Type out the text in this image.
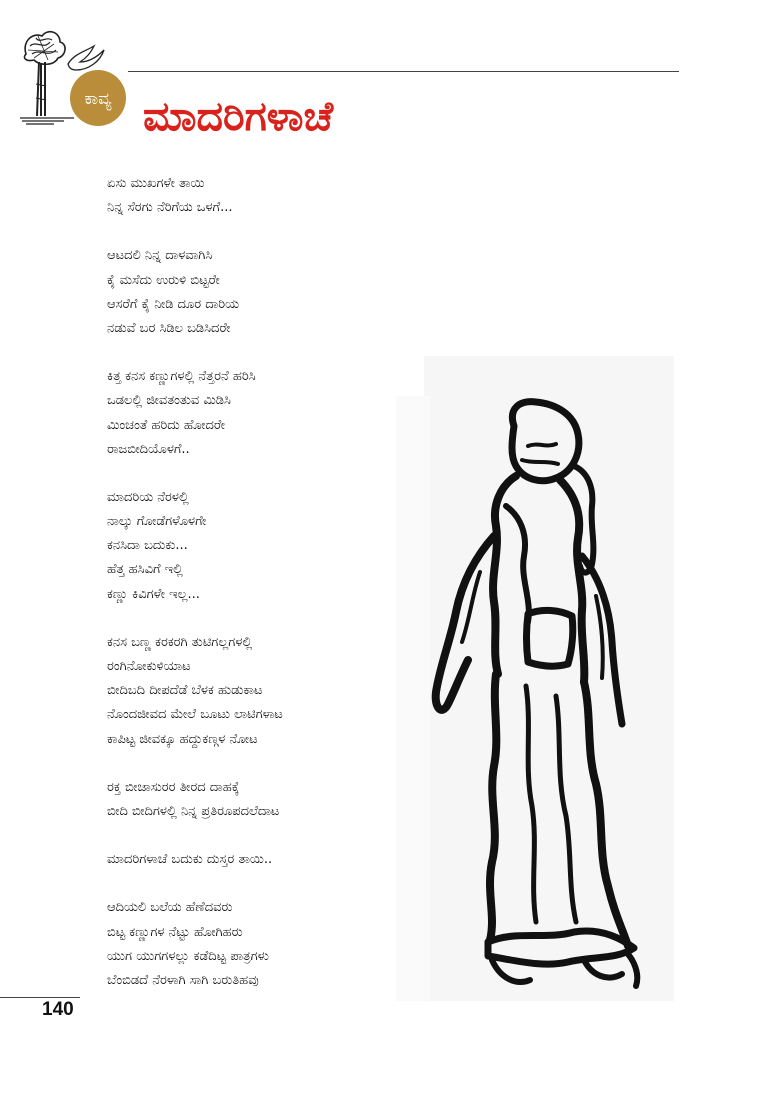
ಕಾವ್ಯ ಮಾದರಿಗಳಾಚೆ
ಏಸು ಮುಖಗಳೇ ತಾಯಿ
ನಿನ್ನ ಸೆರಗು ನೆರಿಗೆಯ ಒಳಗೆ...
ಆಟದಲಿ ನಿನ್ನ ದಾಳವಾಗಿಸಿ
ಕೈ ಮಸೆದು ಉರುಳಿ ಬಿಟ್ಟರೇ
ಆಸರೆಗೆ ಕೈ ನೀಡಿ ದೂರ ದಾರಿಯ
ನಡುವೆ ಬರ ಸಿಡಿಲ ಬಡಿಸಿದರೇ
ಕಿತ್ತ ಕನಸ ಕಣ್ಣುಗಳಲ್ಲಿ ನೆತ್ತರನೆ ಹರಿಸಿ
ಒಡಲಲ್ಲಿ ಜೀವತಂತುವ ಮಿಡಿಸಿ
ಮಿಂಚಂತೆ ಹರಿದು ಹೋದರೇ
ರಾಜಬೀದಿಯೊಳಗೆ..
ಮಾದರಿಯ ನೆರಳಲ್ಲಿ
ನಾಲ್ಕು ಗೋಡೆಗಳೊಳಗೇ
ಕನಸಿದಾ ಬದುಕು...
ಹೆತ್ತ ಹಸಿವಿಗೆ ಇಲ್ಲಿ
ಕಣ್ಣು ಕಿವಿಗಳೇ ಇಲ್ಲ...
ಕನಸ ಬಣ್ಣ ಕರಕರಗಿ ತುಟಿಗಲ್ಲಗಳಲ್ಲಿ
ರಂಗಿನೋಕುಳಿಯಾಟ
ಬೀದಿಬದಿ ದೀಪದೆಡೆ ಬೆಳಕ ಹುಡುಕಾಟ
ನೊಂದಜೀವದ ಮೇಲೆ ಬೂಟು ಲಾಟಿಗಳಾಟ
ಕಾಪಿಟ್ಟ ಜೀವಕ್ಕೂ ಹದ್ದುಕಣ್ಗಳ ನೋಟ
ರಕ್ತ ಬೀಜಾಸುರರ ತೀರದ ದಾಹಕ್ಕೆ
ಬೀದಿ ಬೀದಿಗಳಲ್ಲಿ ನಿನ್ನ ಪ್ರತಿರೂಪದಲೆದಾಟ
ಮಾದರಿಗಳಾಚೆ ಬದುಕು ದುಸ್ತರ ತಾಯಿ..
ಆದಿಯಲಿ ಬಲೆಯ ಹೆಣೆದವರು
ಬಿಟ್ಟ ಕಣ್ಣುಗಳ ನೆಟ್ಟು ಹೋಗಿಹರು
ಯುಗ ಯುಗಗಳಲ್ಲು ಕಡೆದಿಟ್ಟ ಪಾತ್ರಗಳು
ಬೆಂಬಿಡದೆ ನೆರಳಾಗಿ ಸಾಗಿ ಬರುತಿಹವು
140
